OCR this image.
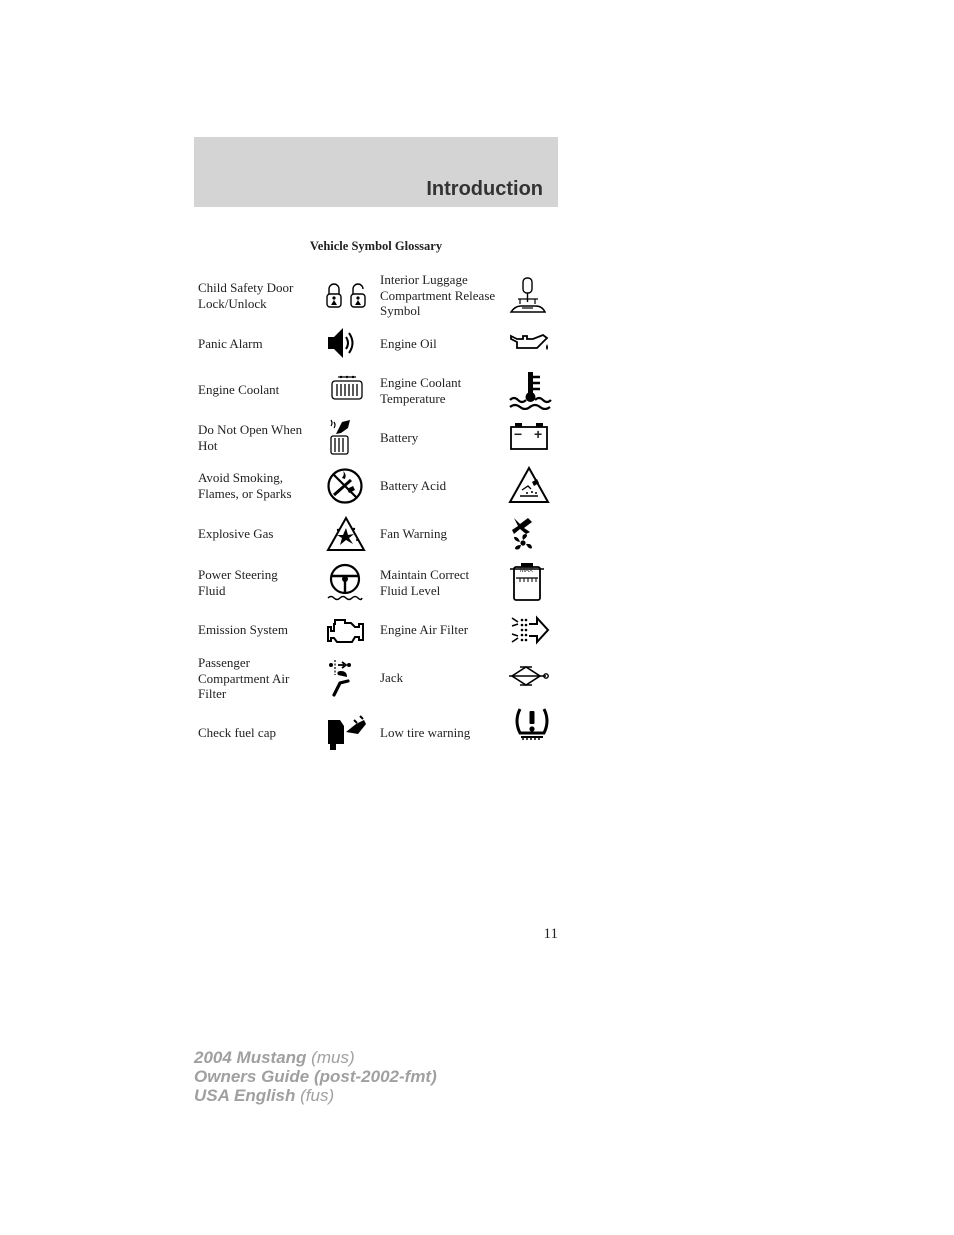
Introduction
Vehicle Symbol Glossary
Child Safety Door Lock/Unlock
Panic Alarm
Engine Coolant
Do Not Open When Hot
Avoid Smoking, Flames, or Sparks
Explosive Gas
Power Steering Fluid
Emission System
Passenger Compartment Air Filter
Check fuel cap
Interior Luggage Compartment Release Symbol
Engine Oil
Engine Coolant Temperature
Battery
Battery Acid
Fan Warning
Maintain Correct Fluid Level
Engine Air Filter
Jack
Low tire warning
− +
MAX
11
2004 Mustang (mus)
Owners Guide (post-2002-fmt)
USA English (fus)
